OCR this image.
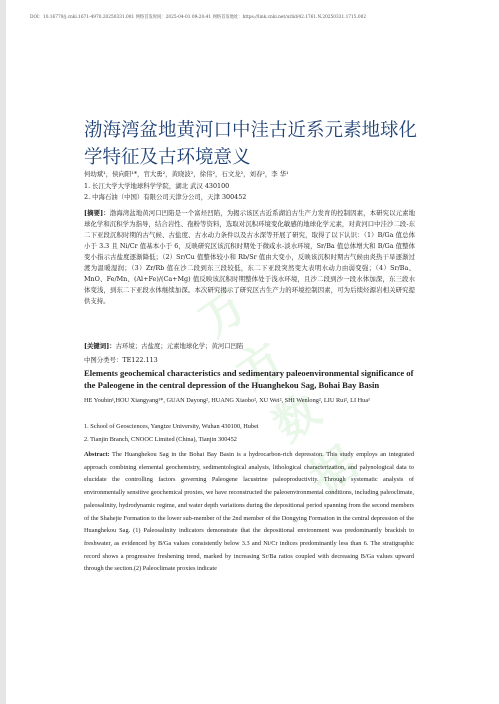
DOI：10.16779/j.cnki.1671-4970.20250331.001 网络首发时间：2025-04-01 09:20:41 网络首发地址：https://link.cnki.net/urlid/42.1761.N.20250331.1715.002
万方数据
渤海湾盆地黄河口中洼古近系元素地球化学特征及古环境意义
何幼斌¹，侯向阳¹*，官大勇²，黄晓波²，徐伟²，石文龙²，刘春²，李 华¹
1. 长江大学大学地球科学学院，湖北 武汉 430100
2. 中海石油（中国）有限公司天津分公司，天津 300452
[摘要]：渤海湾盆地黄河口凹陷是一个富烃凹陷，为揭示该区古近系湖泊古生产力发育的控制因素，本研究以元素地球化学和沉积学为指导，结合岩性、孢粉等资料，选取对沉积环境变化敏感的地球化学元素，对黄河口中洼沙二段-东二下亚段沉积时期的古气候、古盐度、古水动力条件以及古水深等开展了研究，取得了以下认识：（1）B/Ga 值总体小于 3.3 且 Ni/Cr 值基本小于 6，反映研究区该沉积时期处于微咸水-淡水环境，Sr/Ba 值总体增大和 B/Ga 值整体变小指示古盐度逐渐降低；（2）Sr/Cu 值整体较小和 Rb/Sr 值由大变小，反映该沉积时期古气候由炎热干旱逐渐过渡为温暖湿润；（3）Zr/Rb 值在沙二段到东三段较低，东二下亚段突然变大表明水动力由弱变强；（4）Sr/Ba、MnO、Fe/Mn、(Al+Fe)/(Ca+Mg) 值反映该沉积时期整体处于浅水环境，且沙二段到沙一段水体加深，东三段水体变浅，到东二下亚段水体继续加深。本次研究揭示了研究区古生产力的环境控制因素，可为后续烃源岩相关研究提供支持。
[关键词]：古环境；古盐度；元素地球化学；黄河口凹陷
中图分类号：TE122.113
Elements geochemical characteristics and sedimentary paleoenvironmental significance of the Paleogene in the central depression of the Huanghekou Sag, Bohai Bay Basin
HE Youbin¹,HOU Xiangyang¹*, GUAN Dayong², HUANG Xiaobo², XU Wei², SHI Wenlong², LIU Rui², LI Hua¹
1. School of Geosciences, Yangtze University, Wuhan 430100, Hubei
2. Tianjin Branch, CNOOC Limited (China), Tianjin 300452
Abstract: The Huanghekou Sag in the Bohai Bay Basin is a hydrocarbon-rich depression. This study employs an integrated approach combining elemental geochemistry, sedimentological analysis, lithological characterization, and palynological data to elucidate the controlling factors governing Paleogene lacustrine paleoproductivity. Through systematic analysis of environmentally sensitive geochemical proxies, we have reconstructed the paleoenvironmental conditions, including paleoclimate, paleosalinity, hydrodynamic regime, and water depth variations during the depositional period spanning from the second members of the Shahejie Formation to the lower sub-member of the 2nd member of the Dongying Formation in the central depression of the Huanghekou Sag. (1) Paleosalinity indicators demonstrate that the depositional environment was predominantly brackish to freshwater, as evidenced by B/Ga values consistently below 3.3 and Ni/Cr indices predominantly less than 6. The stratigraphic record shows a progressive freshening trend, marked by increasing Sr/Ba ratios coupled with decreasing B/Ga values upward through the section.(2) Paleoclimate proxies indicate
